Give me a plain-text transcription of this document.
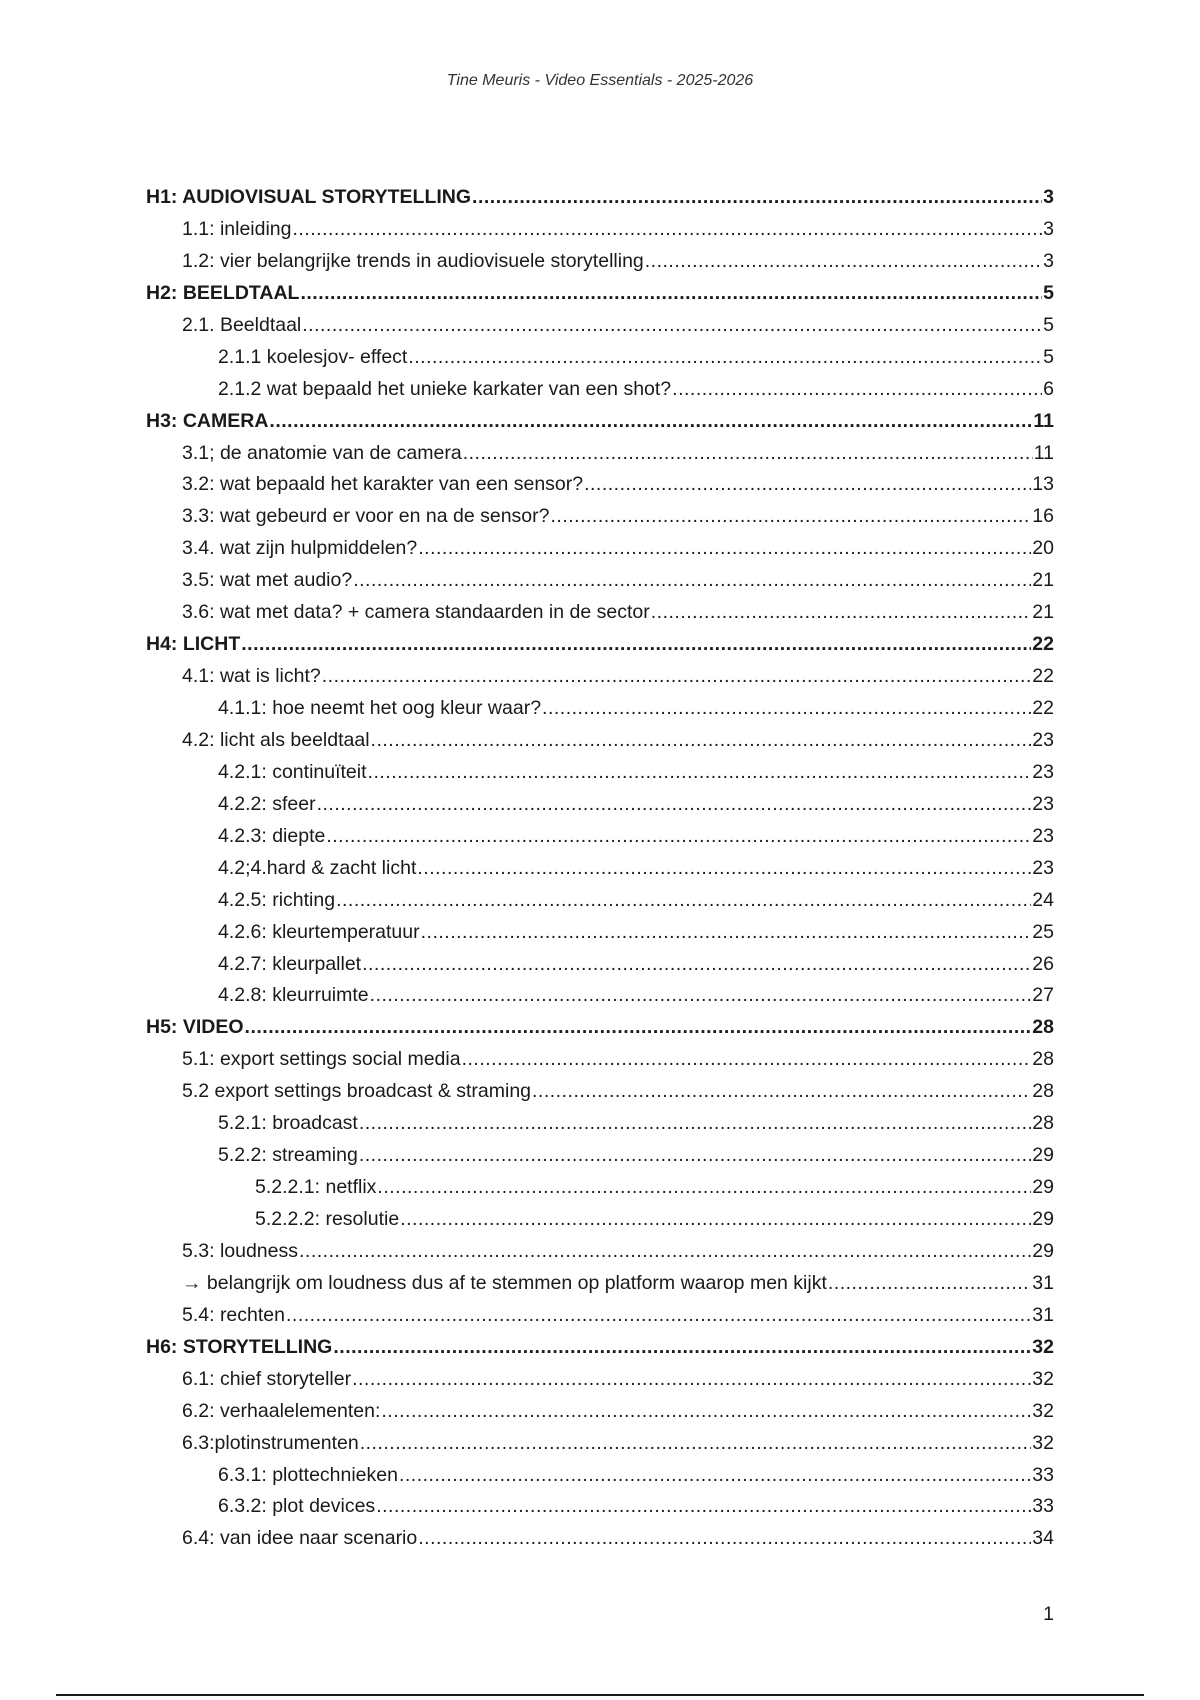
Tine Meuris - Video Essentials - 2025-2026
H1: AUDIOVISUAL STORYTELLING .....	3
1.1: inleiding .....	3
1.2: vier belangrijke trends in audiovisuele storytelling .....	3
H2: BEELDTAAL .....	5
2.1. Beeldtaal .....	5
2.1.1 koelesjov- effect .....	5
2.1.2 wat bepaald het unieke karkater van een shot? .....	6
H3: CAMERA .....	11
3.1; de anatomie van de camera .....	11
3.2: wat bepaald het karakter van een sensor? .....	13
3.3: wat gebeurd er voor en na de sensor? .....	16
3.4. wat zijn hulpmiddelen? .....	20
3.5: wat met audio? .....	21
3.6: wat met data? + camera standaarden in de sector .....	21
H4: LICHT .....	22
4.1: wat is licht? .....	22
4.1.1: hoe neemt het oog kleur waar? .....	22
4.2: licht als beeldtaal .....	23
4.2.1: continuïteit .....	23
4.2.2: sfeer .....	23
4.2.3: diepte .....	23
4.2;4.hard & zacht licht .....	23
4.2.5: richting .....	24
4.2.6: kleurtemperatuur .....	25
4.2.7: kleurpallet .....	26
4.2.8: kleurruimte .....	27
H5: VIDEO .....	28
5.1: export settings social media .....	28
5.2 export settings broadcast & straming .....	28
5.2.1: broadcast .....	28
5.2.2: streaming .....	29
5.2.2.1: netflix .....	29
5.2.2.2: resolutie .....	29
5.3: loudness .....	29
→ belangrijk om loudness dus af te stemmen op platform waarop men kijkt .....	31
5.4: rechten .....	31
H6: STORYTELLING .....	32
6.1: chief storyteller .....	32
6.2: verhaalelementen: .....	32
6.3:plotinstrumenten .....	32
6.3.1: plottechnieken .....	33
6.3.2: plot devices .....	33
6.4: van idee naar scenario .....	34
1
